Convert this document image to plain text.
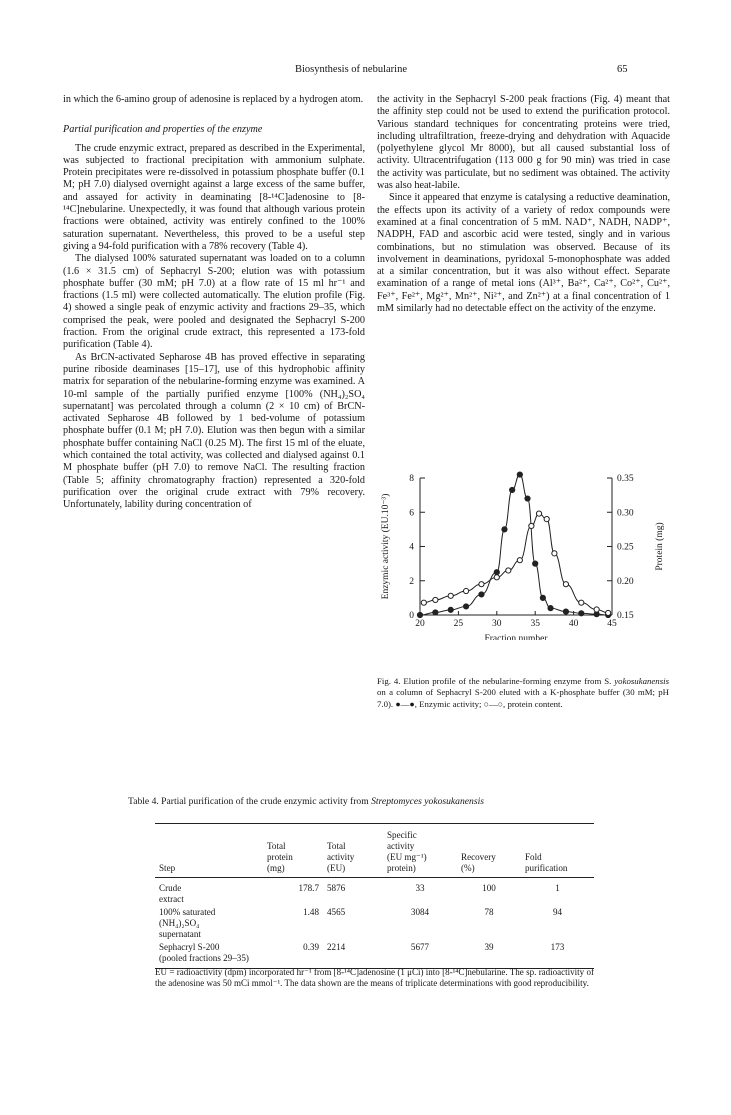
Biosynthesis of nebularine	65

in which the 6-amino group of adenosine is replaced by a hydrogen atom.

Partial purification and properties of the enzyme

The crude enzymic extract, prepared as described in the Experimental, was subjected to fractional precipitation with ammonium sulphate. Protein precipitates were re-dissolved in potassium phosphate buffer (0.1 M; pH 7.0) dialysed overnight against a large excess of the same buffer, and assayed for activity in deaminating [8-¹⁴C]adenosine to [8-¹⁴C]nebularine. Unexpectedly, it was found that although various protein fractions were obtained, activity was entirely confined to the 100% saturation supernatant. Nevertheless, this proved to be a useful step giving a 94-fold purification with a 78% recovery (Table 4).

The dialysed 100% saturated supernatant was loaded on to a column (1.6 × 31.5 cm) of Sephacryl S-200; elution was with potassium phosphate buffer (30 mM; pH 7.0) at a flow rate of 15 ml hr⁻¹ and fractions (1.5 ml) were collected automatically. The elution profile (Fig. 4) showed a single peak of enzymic activity and fractions 29–35, which comprised the peak, were pooled and designated the Sephacryl S-200 fraction. From the original crude extract, this represented a 173-fold purification (Table 4).

As BrCN-activated Sepharose 4B has proved effective in separating purine riboside deaminases [15–17], use of this hydrophobic affinity matrix for separation of the nebularine-forming enzyme was examined. A 10-ml sample of the partially purified enzyme [100% (NH₄)₂SO₄ supernatant] was percolated through a column (2 × 10 cm) of BrCN-activated Sepharose 4B followed by 1 bed-volume of potassium phosphate buffer (0.1 M; pH 7.0). Elution was then begun with a similar phosphate buffer containing NaCl (0.25 M). The first 15 ml of the eluate, which contained the total activity, was collected and dialysed against 0.1 M phosphate buffer (pH 7.0) to remove NaCl. The resulting fraction (Table 5; affinity chromatography fraction) represented a 320-fold purification over the original crude extract with 79% recovery. Unfortunately, lability during concentration of

the activity in the Sephacryl S-200 peak fractions (Fig. 4) meant that the affinity step could not be used to extend the purification protocol. Various standard techniques for concentrating proteins were tried, including ultrafiltration, freeze-drying and dehydration with Aquacide (polyethylene glycol Mr 8000), but all caused substantial loss of activity. Ultracentrifugation (113 000 g for 90 min) was tried in case the activity was particulate, but no sediment was obtained. The activity was also heat-labile.

Since it appeared that enzyme is catalysing a reductive deamination, the effects upon its activity of a variety of redox compounds were examined at a final concentration of 5 mM. NAD⁺, NADH, NADP⁺, NADPH, FAD and ascorbic acid were tested, singly and in various combinations, but no stimulation was observed. Because of its involvement in deaminations, pyridoxal 5-monophosphate was added at a similar concentration, but it was also without effect. Separate examination of a range of metal ions (Al³⁺, Ba²⁺, Ca²⁺, Co²⁺, Cu²⁺, Fe³⁺, Fe²⁺, Mg²⁺, Mn²⁺, Ni²⁺, and Zn²⁺) at a final concentration of 1 mM similarly had no detectable effect on the activity of the enzyme.

20	25	30	35	40	45
0
2
4
6
8
0.15
0.20
0.25
0.30
0.35
Fraction number
Enzymic activity (EU.10⁻³)	Protein (mg)
Fig. 4. Elution profile of the nebularine-forming enzyme from S. yokosukanensis on a column of Sephacryl S-200 eluted with a K-phosphate buffer (30 mM; pH 7.0). ●—●, Enzymic activity; ○—○, protein content.
Table 4. Partial purification of the crude enzymic activity from Streptomyces yokosukanensis
Step	Total
protein
(mg)	Total
activity
(EU)	Specific
activity
(EU mg⁻¹)
protein)	Recovery
(%)	Fold
purification

Crude
extract	178.7	5876	33	100	1
100% saturated
(NH₄)₂SO₄
supernatant	1.48	4565	3084	78	94
Sephacryl S-200
(pooled fractions 29–35)	0.39	2214	5677	39	173
EU = radioactivity (dpm) incorporated hr⁻¹ from [8-¹⁴C]adenosine (1 μCi) into [8-¹⁴C]nebularine. The sp. radioactivity of the adenosine was 50 mCi mmol⁻¹. The data shown are the means of triplicate determinations with good reproducibility.
